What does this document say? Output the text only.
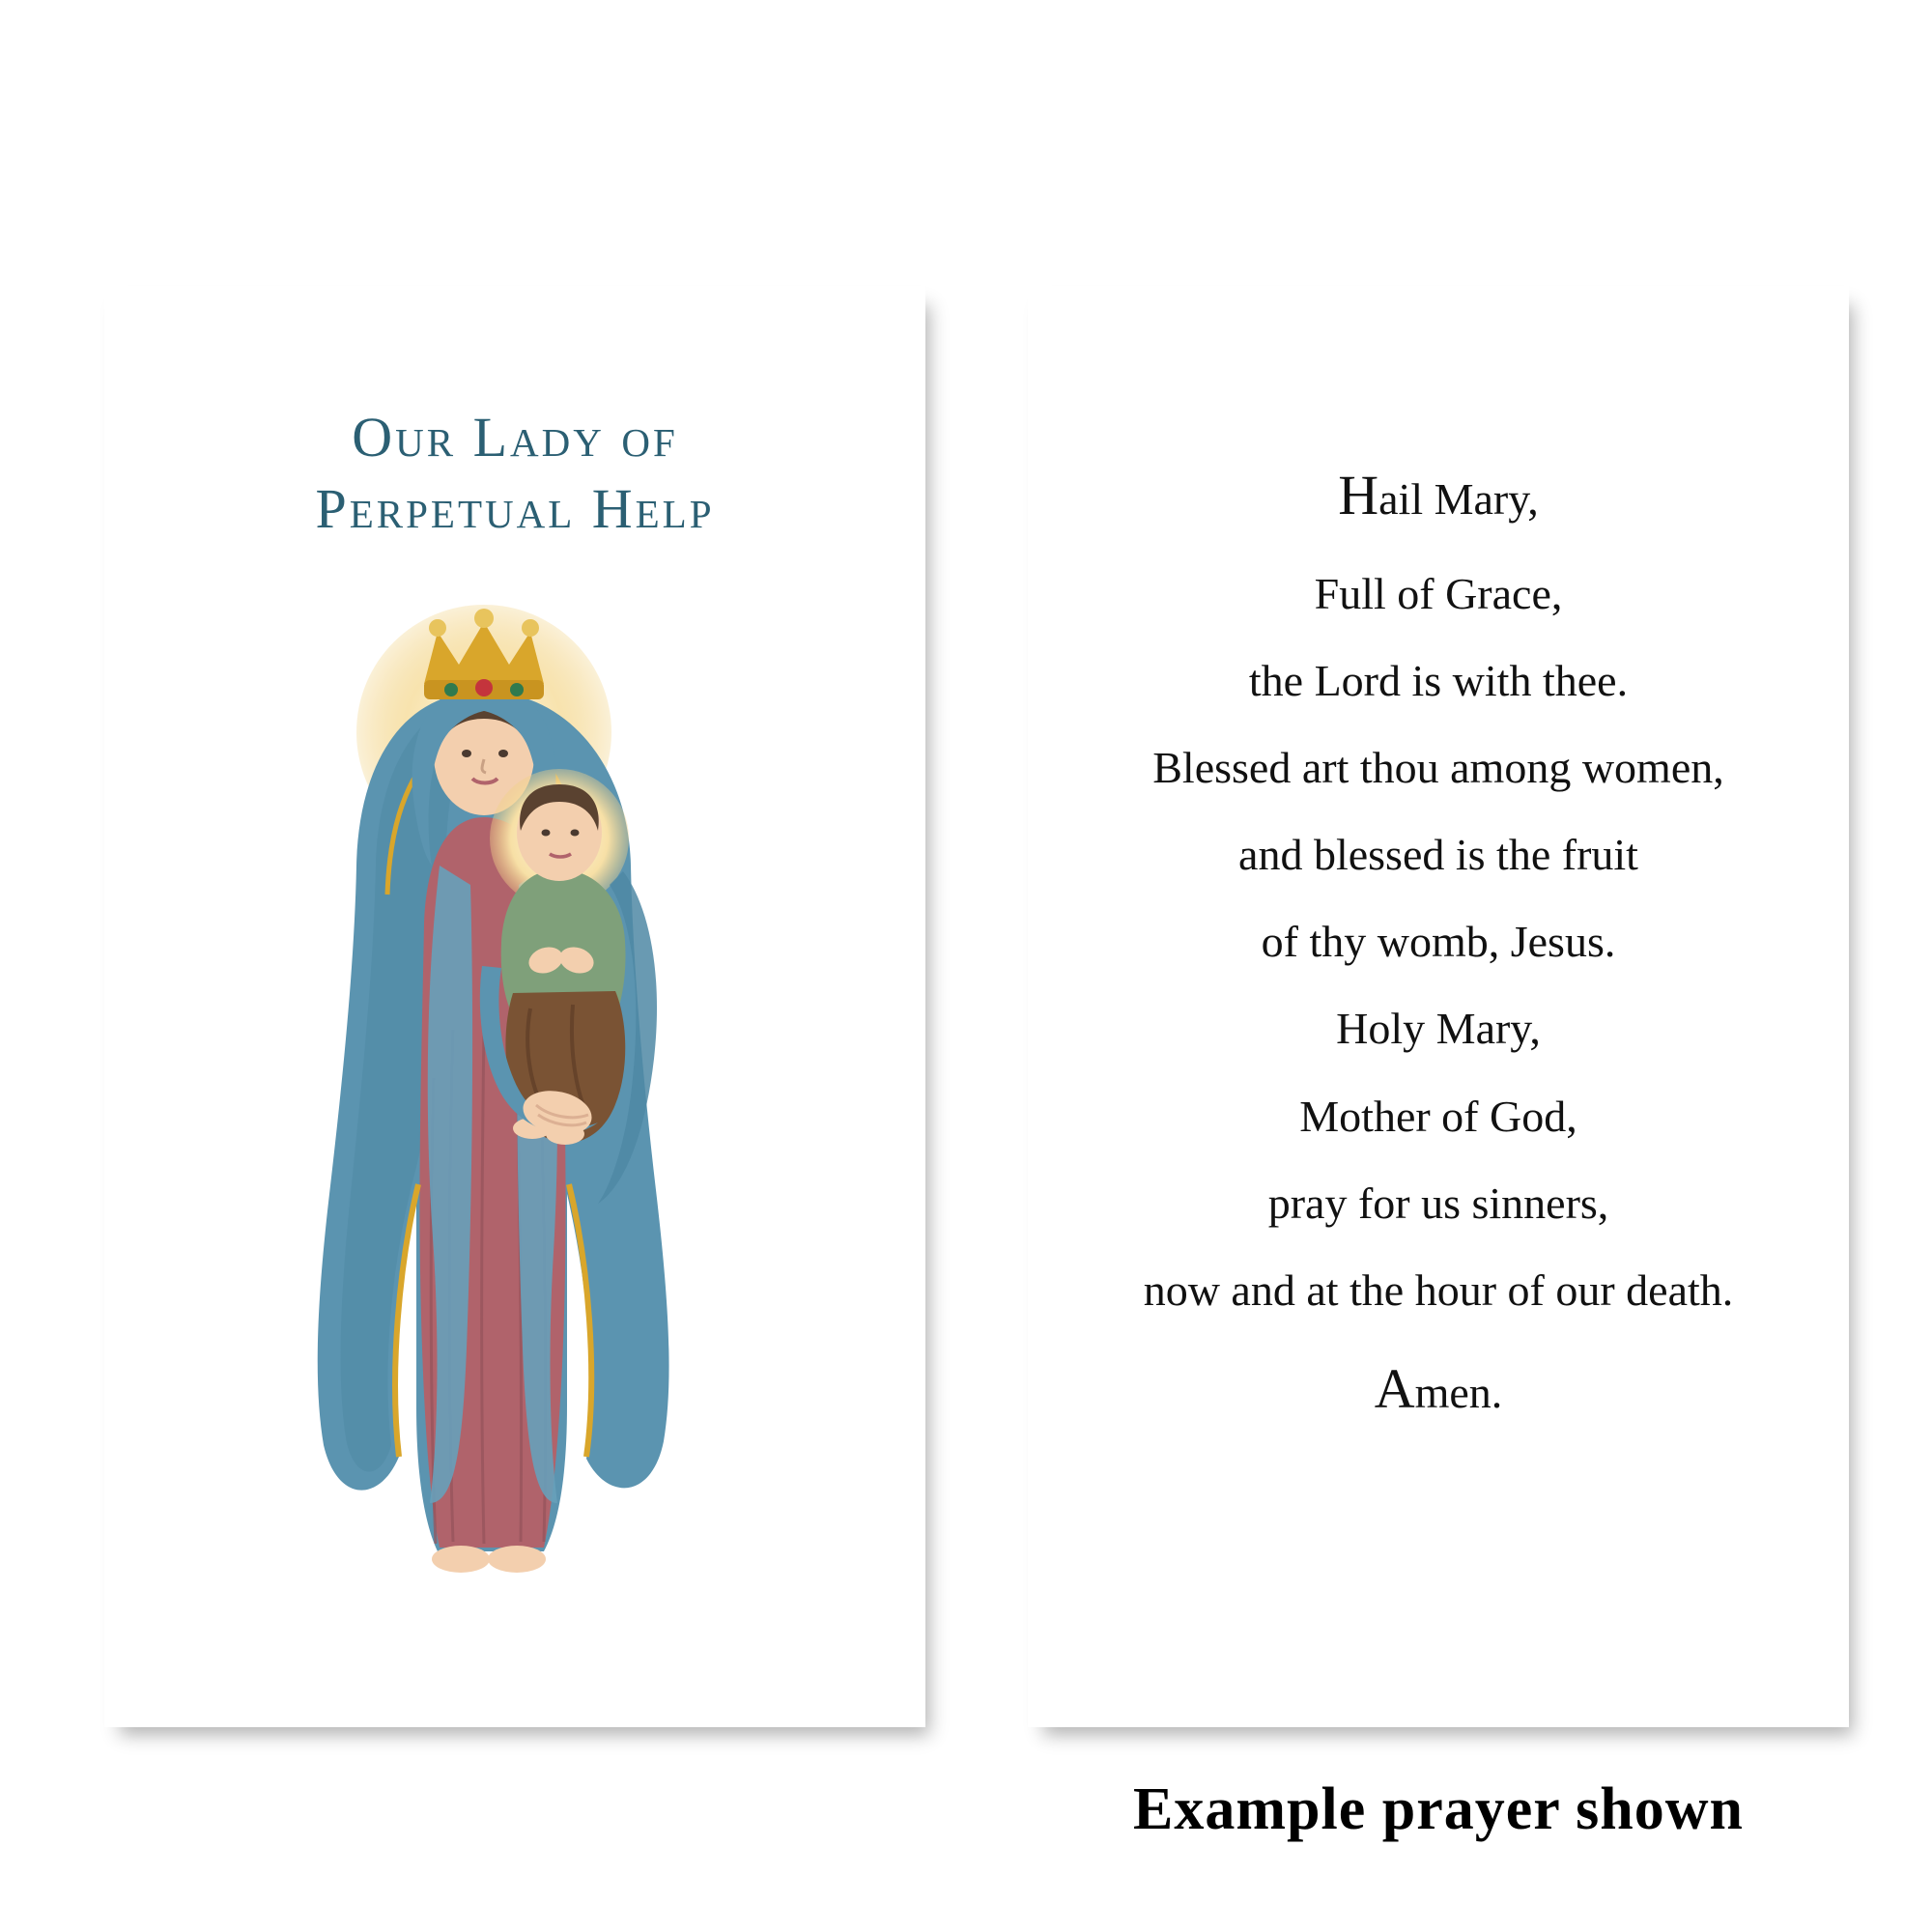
Our Lady of
Perpetual Help	Hail Mary,
Full of Grace,
the Lord is with thee.
Blessed art thou among women,
and blessed is the fruit
of thy womb, Jesus.
Holy Mary,
Mother of God,
pray for us sinners,
now and at the hour of our death.
Amen.
Example prayer shown
